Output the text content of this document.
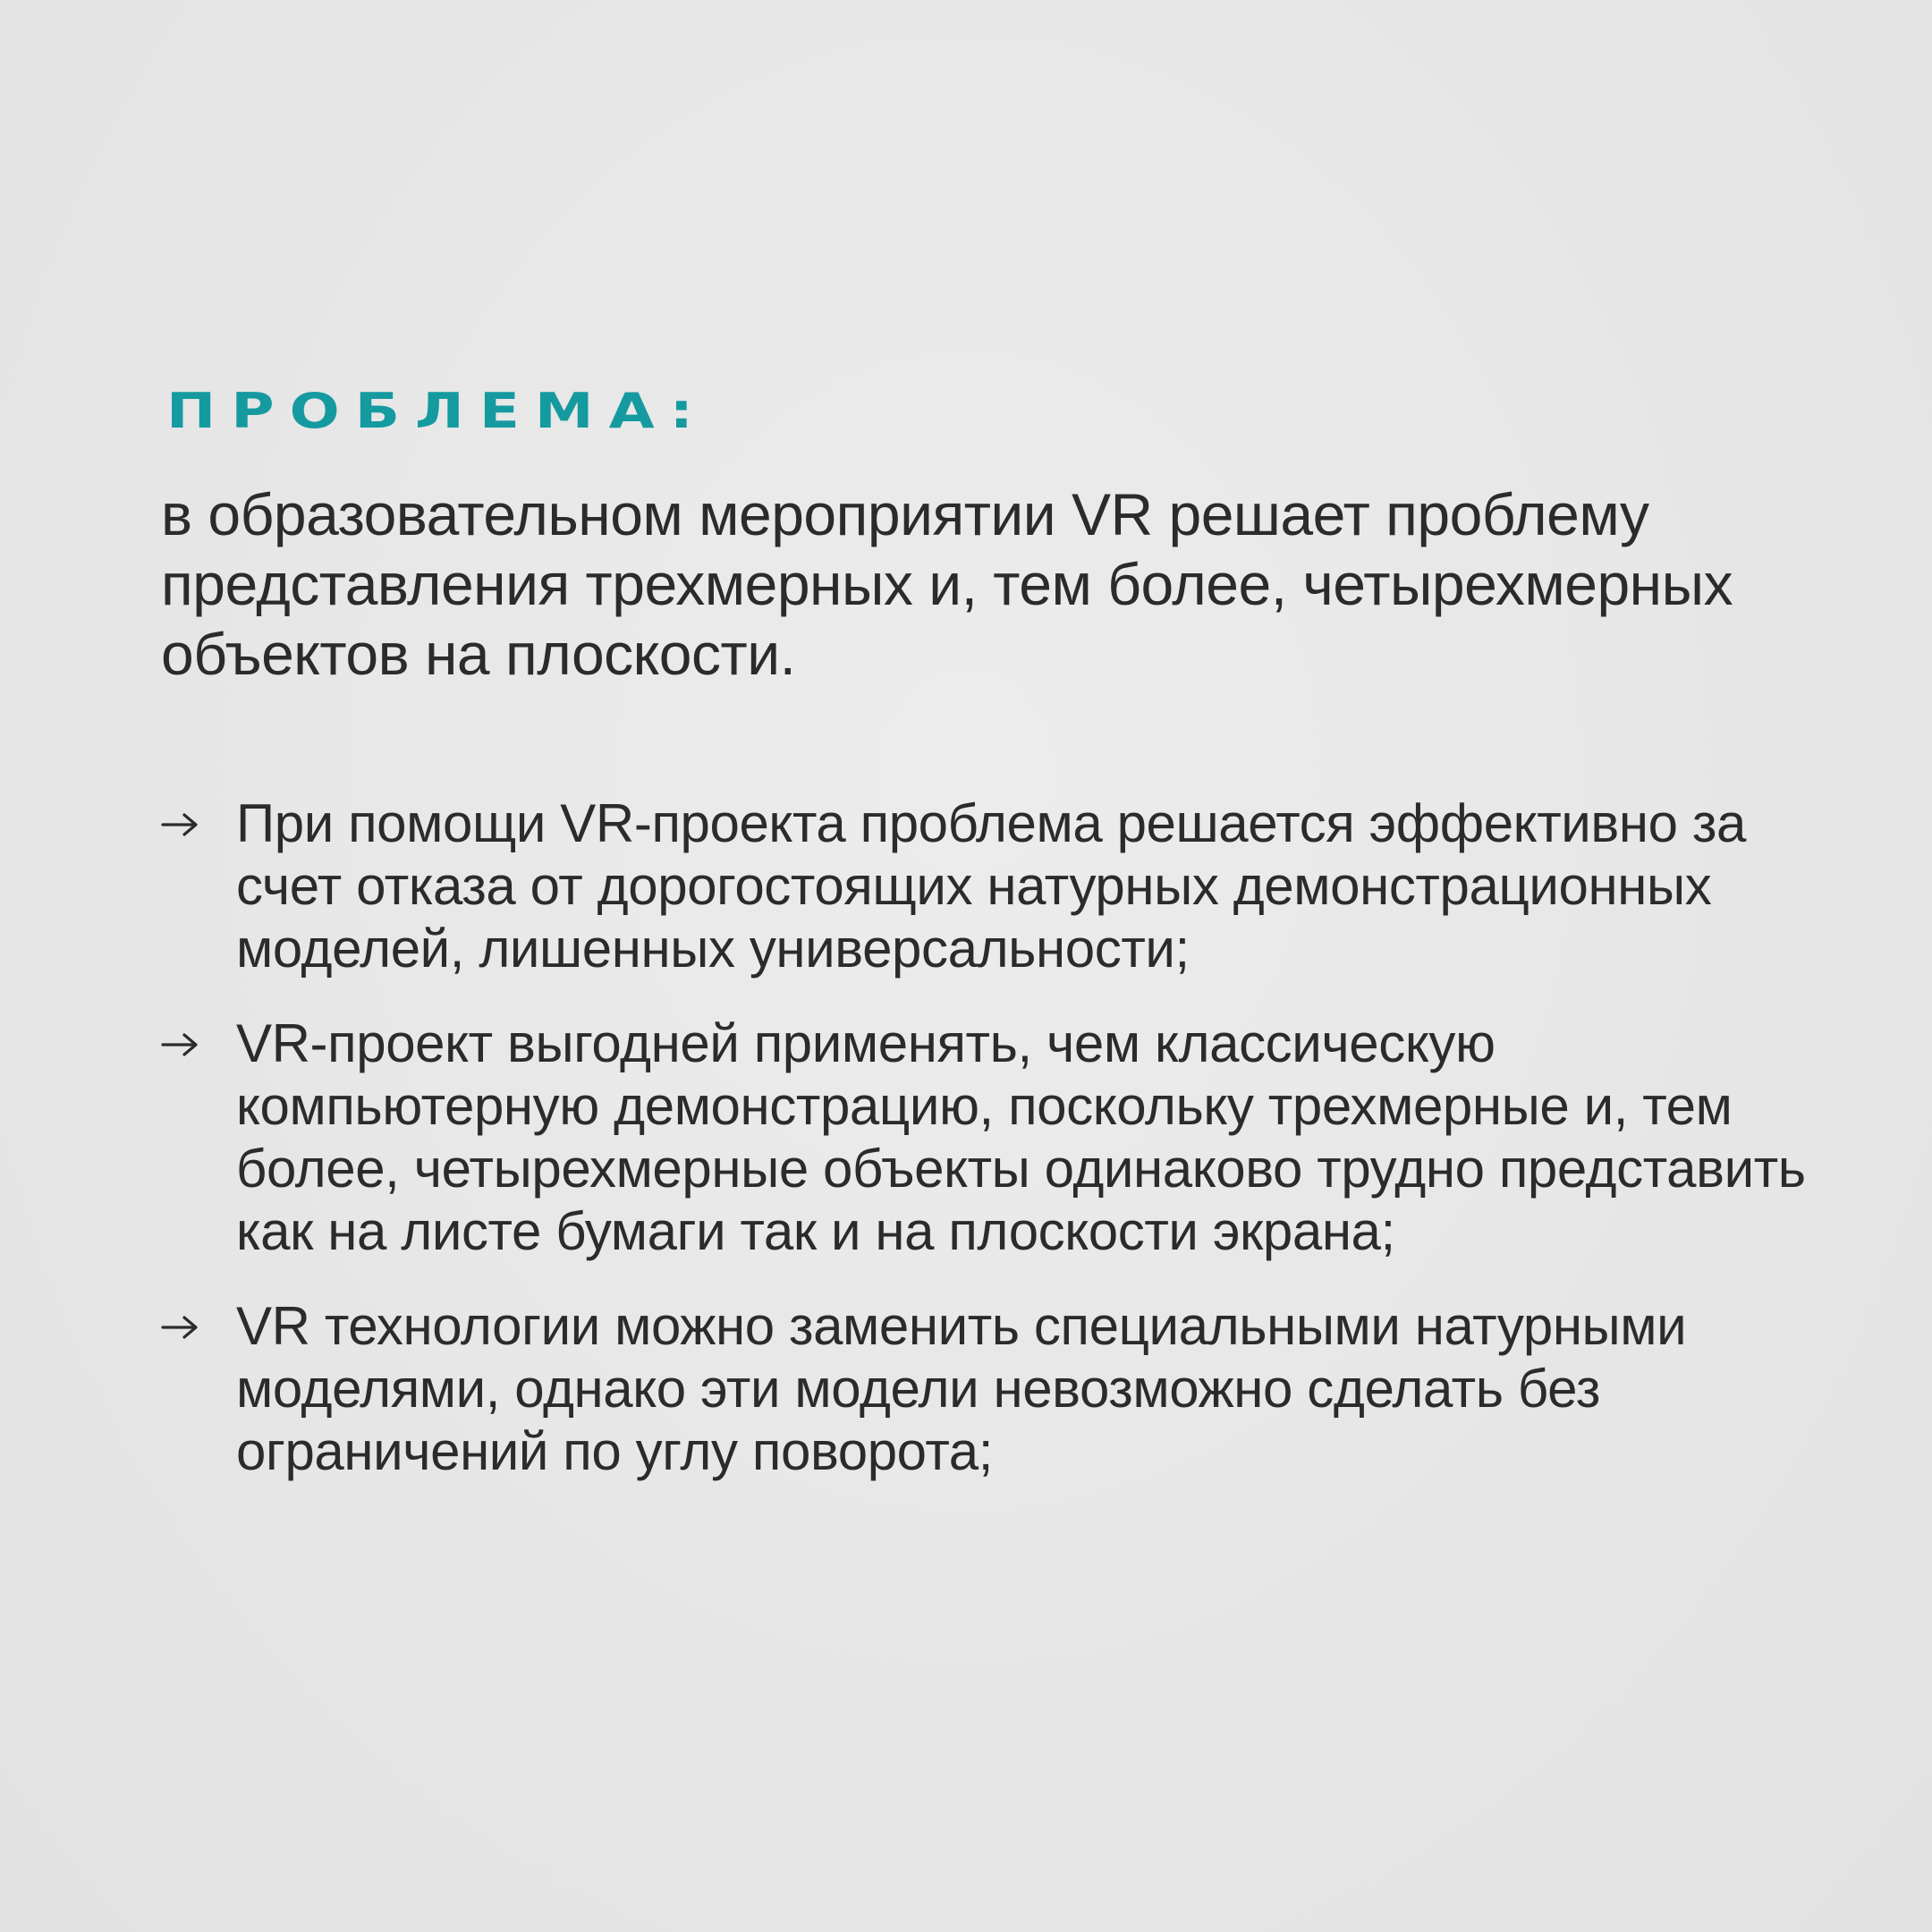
ПРОБЛЕМА:
в образовательном мероприятии VR решает проблему представления трехмерных и, тем более, четырехмерных объектов на плоскости.
При помощи VR-проекта проблема решается эффективно за счет отказа от дорогостоящих натурных демонстрационных моделей, лишенных универсальности;
VR-проект выгодней применять, чем классическую компьютерную демонстрацию, поскольку трехмерные и, тем более, четырехмерные объекты одинаково трудно представить как на листе бумаги так и на плоскости экрана;
VR технологии можно заменить специальными натурными моделями, однако эти модели невозможно сделать без ограничений по углу поворота;
